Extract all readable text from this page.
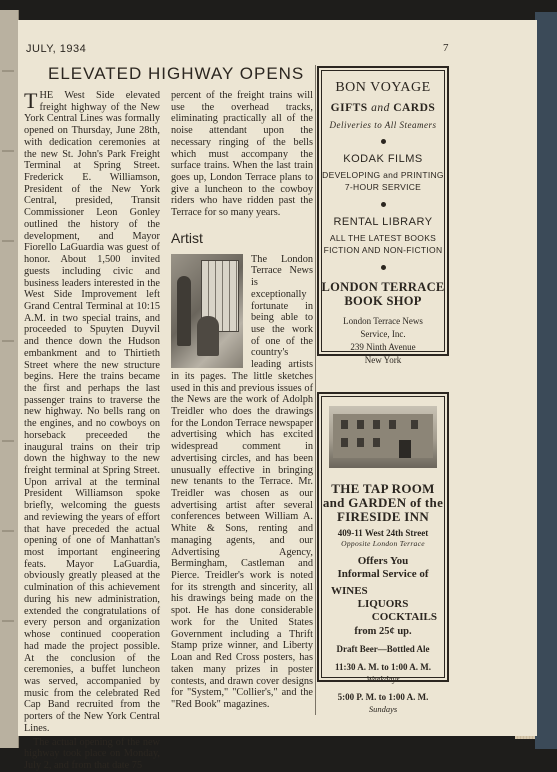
JULY, 1934	7
ELEVATED HIGHWAY OPENS

THE West Side elevated freight highway of the New York Central Lines was formally opened on Thursday, June 28th, with dedication ceremonies at the new St. John's Park Freight Terminal at Spring Street. Frederick E. Williamson, President of the New York Central, presided, Transit Commissioner Leon Gonley outlined the history of the development, and Mayor Fiorello LaGuardia was guest of honor. About 1,500 invited guests including civic and business leaders interested in the West Side Improvement left Grand Central Terminal at 10:15 A.M. in two special trains, and proceeded to Spuyten Duyvil and thence down the Hudson embankment and to Thirtieth Street where the new structure begins. Here the trains became the first and perhaps the last passenger trains to traverse the new highway. No bells rang on the engines, and no cowboys on horseback preceeded the inaugural trains on their trip down the highway to the new freight terminal at Spring Street. Upon arrival at the terminal President Williamson spoke briefly, welcoming the guests and reviewing the years of effort that have preceded the actual opening of one of Manhattan's most important engineering feats. Mayor LaGuardia, obviously greatly pleased at the culmination of this achievement during his new administration, extended the congratulations of every person and organization whose continued cooperation had made the project possible. At the conclusion of the ceremonies, a buffet luncheon was served, accompanied by music from the celebrated Red Cap Band recruited from the porters of the New York Central Lines.

The actual opening of the new highway took place on Monday, July 2, and from that date 75

percent of the freight trains will use the overhead tracks, eliminating practically all of the noise attendant upon the necessary ringing of the bells which must accompany the surface trains. When the last train goes up, London Terrace plans to give a luncheon to the cowboy riders who have ridden past the Terrace for so many years.

Artist

The London Terrace News is exceptionally fortunate in being able to use the work of one of the country's leading artists in its pages. The little sketches used in this and previous issues of the News are the work of Adolph Treidler who does the drawings for the London Terrace newspaper advertising which has excited widespread comment in advertising circles, and has been unusually effective in bringing new tenants to the Terrace. Mr. Treidler was chosen as our advertising artist after several conferences between William A. White & Sons, renting and managing agents, and our Advertising Agency, Bermingham, Castleman and Pierce. Treidler's work is noted for its strength and sincerity, all his drawings being made on the spot. He has done considerable work for the United States Government including a Thrift Stamp prize winner, and Liberty Loan and Red Cross posters, has taken many prizes in poster contests, and drawn cover designs for "System," "Collier's," and the "Red Book" magazines.

BON VOYAGE
GIFTS and CARDS
Deliveries to All Steamers
KODAK FILMS
DEVELOPING and PRINTING
7-HOUR SERVICE
RENTAL LIBRARY
ALL THE LATEST BOOKS
FICTION AND NON-FICTION
LONDON TERRACE
BOOK SHOP
London Terrace News
Service, Inc.
239 Ninth Avenue
New York
THE TAP ROOM
and GARDEN of the
FIRESIDE INN
409-11 West 24th Street
Opposite London Terrace
Offers You
Informal Service of
WINES
LIQUORS
COCKTAILS
from 25¢ up.
Draft Beer—Bottled Ale
11:30 A. M. to 1:00 A. M.
Weekdays
5:00 P. M. to 1:00 A. M.
Sundays
